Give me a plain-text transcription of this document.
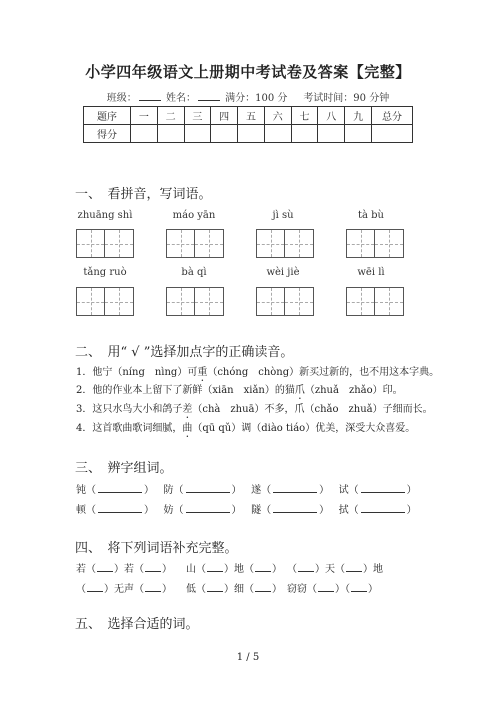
小学四年级语文上册期中考试卷及答案【完整】
班级：	姓名：	满分：100 分 考试时间：90 分钟
题序	一	二	三	四	五	六	七	八	九	总分
得分										
一、　看拼音，写词语。
zhuāng shì	máo yān	jì sù	tà bù
tǎng ruò	bà qì	wèi jiè	wēi lì
二、　用“ √ ”选择加点字的正确读音。
1．他宁（níng　nìng）可重（chóng　chòng）新买过新的，也不用这本字典。
2．他的作业本上留下了新鲜（xiān　xiǎn）的猫爪（zhuǎ　zhǎo）印。
3．这只水鸟大小和鸽子差（chà　zhuā）不多，爪（chǎo　zhuǎ）子细而长。
4．这首歌曲歌词细腻，曲（qū qǔ）调（diào tiáo）优美，深受大众喜爱。
三、　辨字组词。
钝（	）   防（	）   遂（	）   试（	）
顿（	）   妨（	）   隧（	）   拭（	）
四、　将下列词语补充完整。
若（ ）若（ ） 山（ ）地（ ） （ ）天（ ）地
（ ）无声（ ） 低（ ）细（ ） 窃窃（ ）（ ）
五、　选择合适的词。
1 / 5
